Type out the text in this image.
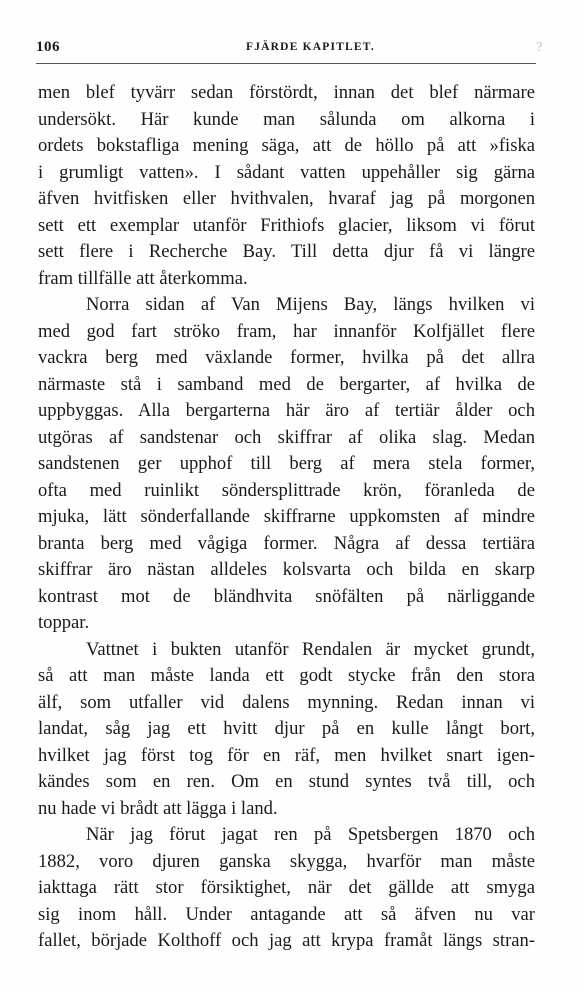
106	FJÄRDE KAPITLET.	?
men blef tyvärr sedan förstördt, innan det blef närmare
undersökt. Här kunde man sålunda om alkorna i
ordets bokstafliga mening säga, att de höllo på att »fiska
i grumligt vatten». I sådant vatten uppehåller sig gärna
äfven hvitfisken eller hvithvalen, hvaraf jag på morgonen
sett ett exemplar utanför Frithiofs glacier, liksom vi förut
sett flere i Recherche Bay. Till detta djur få vi längre
fram tillfälle att återkomma.
Norra sidan af Van Mijens Bay, längs hvilken vi
med god fart ströko fram, har innanför Kolfjället flere
vackra berg med växlande former, hvilka på det allra
närmaste stå i samband med de bergarter, af hvilka de
uppbyggas. Alla bergarterna här äro af tertiär ålder och
utgöras af sandstenar och skiffrar af olika slag. Medan
sandstenen ger upphof till berg af mera stela former,
ofta med ruinlikt söndersplittrade krön, föranleda de
mjuka, lätt sönderfallande skiffrarne uppkomsten af mindre
branta berg med vågiga former. Några af dessa tertiära
skiffrar äro nästan alldeles kolsvarta och bilda en skarp
kontrast mot de bländhvita snöfälten på närliggande
toppar.
Vattnet i bukten utanför Rendalen är mycket grundt,
så att man måste landa ett godt stycke från den stora
älf, som utfaller vid dalens mynning. Redan innan vi
landat, såg jag ett hvitt djur på en kulle långt bort,
hvilket jag först tog för en räf, men hvilket snart igen-
kändes som en ren. Om en stund syntes två till, och
nu hade vi brådt att lägga i land.
När jag förut jagat ren på Spetsbergen 1870 och
1882, voro djuren ganska skygga, hvarför man måste
iakttaga rätt stor försiktighet, när det gällde att smyga
sig inom håll. Under antagande att så äfven nu var
fallet, började Kolthoff och jag att krypa framåt längs stran-
